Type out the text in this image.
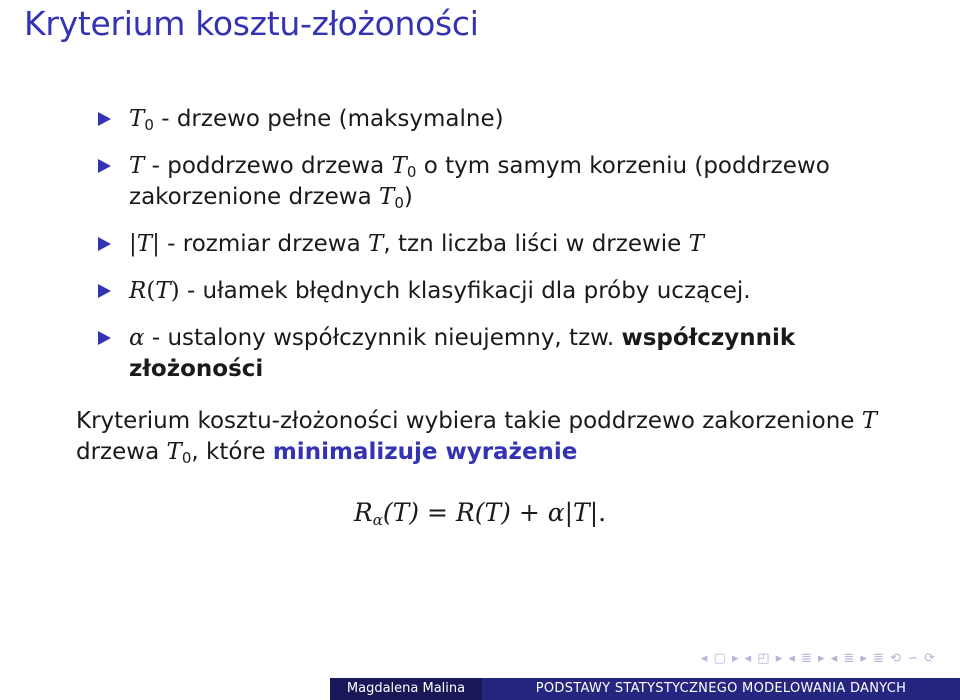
Kryterium kosztu-złożoności
$T_0$ - drzewo pełne (maksymalne)
T - poddrzewo drzewa $T_0$ o tym samym korzeniu (poddrzewo zakorzenione drzewa $T_0$)
|T| - rozmiar drzewa T, tzn liczba liści w drzewie T
R(T) - ułamek błędnych klasyfikacji dla próby uczącej.
α - ustalony współczynnik nieujemny, tzw. współczynnik złożoności

Kryterium kosztu-złożoności wybiera takie poddrzewo zakorzenione T drzewa $T_0$, które minimalizuje wyrażenie

$R_\alpha(T) = R(T) + \alpha|T|$.
◂ ▢ ▸ ◂ ◰ ▸ ◂ ≣ ▸ ◂ ≣ ▸ ≣ ⟲ ∽ ⟳
Magdalena Malina	PODSTAWY STATYSTYCZNEGO MODELOWANIA DANYCH
